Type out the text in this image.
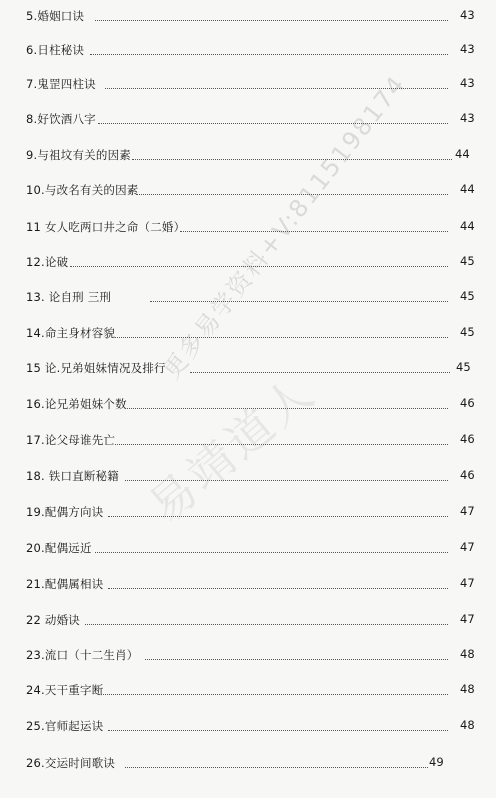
5.婚姻口诀	43
6.日柱秘诀	43
7.鬼罡四柱诀	43
8.好饮酒八字	43
9.与祖坟有关的因素	44
10.与改名有关的因素	44
11 女人吃两口井之命（二婚）	44
12.论破	45
13. 论自刑 三刑	45
14.命主身材容貌	45
15 论.兄弟姐妹情况及排行	45
16.论兄弟姐妹个数	46
17.论父母谁先亡	46
18. 铁口直断秘籍	46
19.配偶方向诀	47
20.配偶远近	47
21.配偶属相诀	47
22 动婚诀	47
23.流口（十二生肖）	48
24.天干重字断	48
25.官师起运诀	48
26.交运时间歌诀	49
更多易学资料+V:8115198174
易靖道人
